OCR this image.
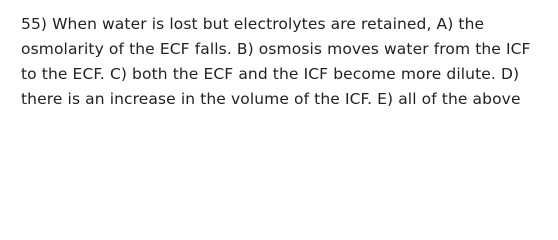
55) When water is lost but electrolytes are retained, A) the osmolarity of the ECF falls. B) osmosis moves water from the ICF to the ECF. C) both the ECF and the ICF become more dilute. D) there is an increase in the volume of the ICF. E) all of the above
